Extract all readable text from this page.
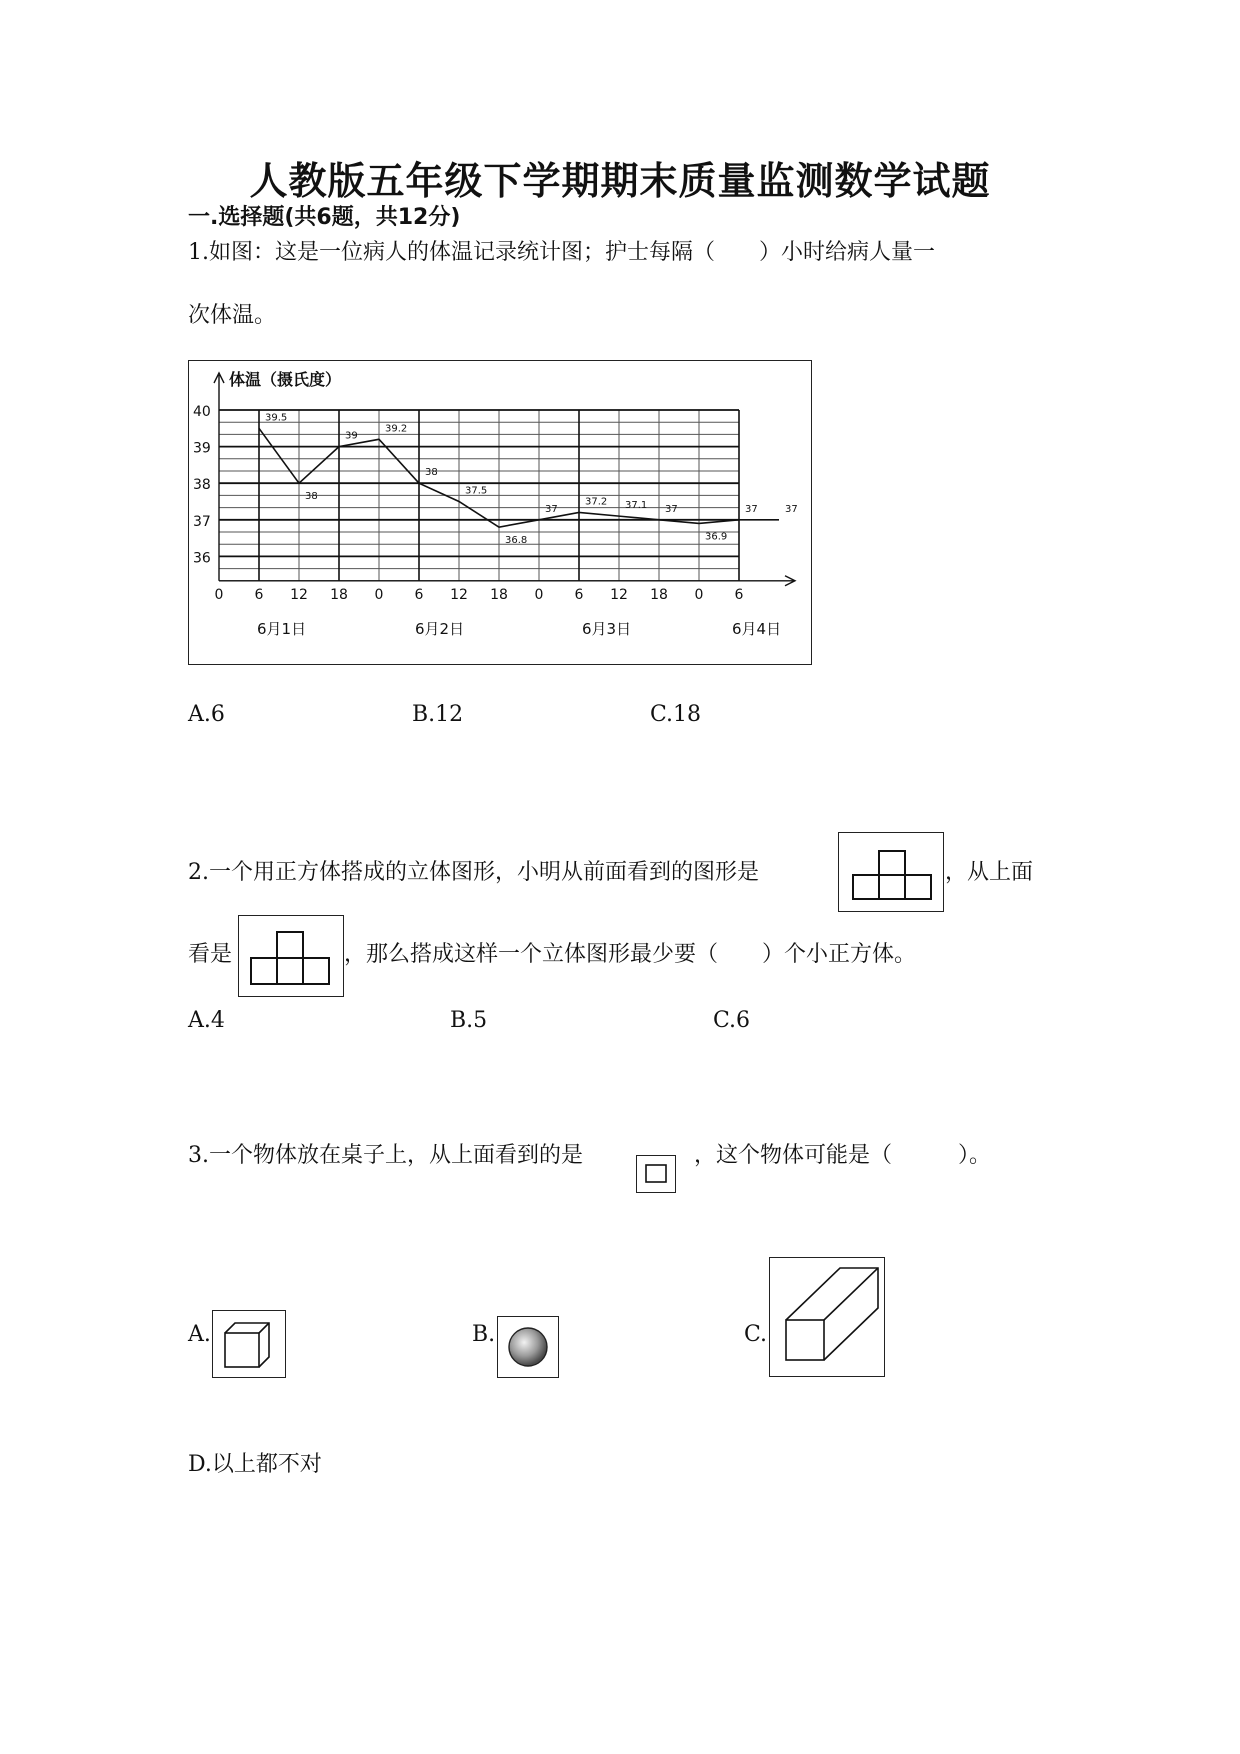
人教版五年级下学期期末质量监测数学试题
一.选择题(共6题，共12分)
1.如图：这是一位病人的体温记录统计图；护士每隔（　　）小时给病人量一
次体温。
体温（摄氏度）
40
39
38
37
36
0 6 12 18 0 6 12 18 0 6 12 18 0 6
6月1日	6月2日	6月3日	6月4日
39.5
38
39
39.2
38
37.5
36.8
37
37.2 37.1 37
36.9
37	37
A.6	B.12	C.18
2.一个用正方体搭成的立体图形，小明从前面看到的图形是	，从上面
看是	，那么搭成这样一个立体图形最少要（　　）个小正方体。
A.4	B.5	C.6
3.一个物体放在桌子上，从上面看到的是	，这个物体可能是（　　　）。
A.	B.	C.
D.以上都不对
